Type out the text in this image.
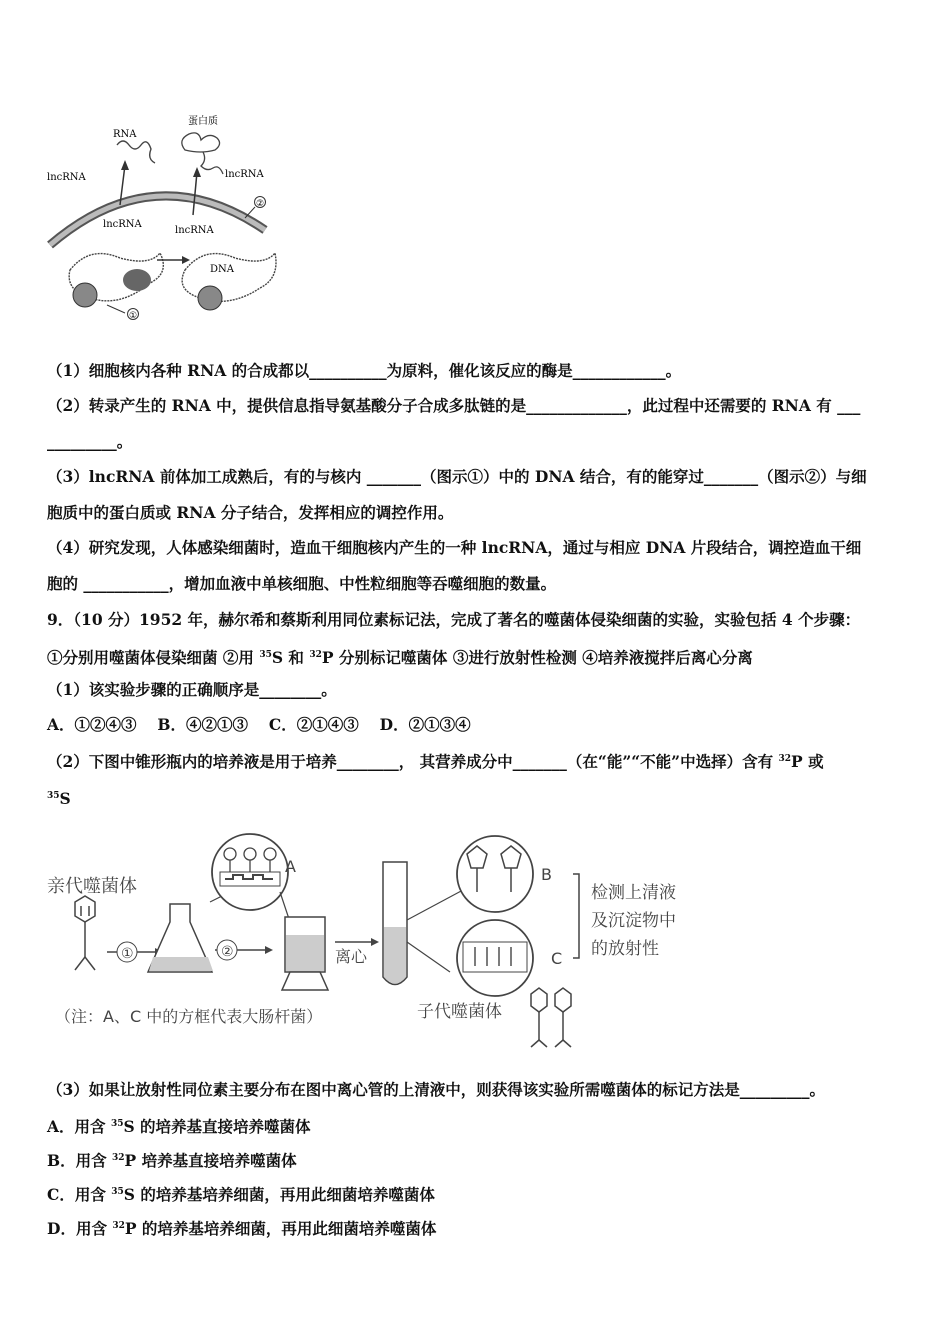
RNA
lncRNA
蛋白质
lncRNA
②
lncRNA
lncRNA
DNA
①
（1）细胞核内各种 RNA 的合成都以__________为原料，催化该反应的酶是____________。
（2）转录产生的 RNA 中，提供信息指导氨基酸分子合成多肽链的是_____________，此过程中还需要的 RNA 有 ___
_________。
（3）lncRNA 前体加工成熟后，有的与核内 _______（图示①）中的 DNA 结合，有的能穿过_______（图示②）与细
胞质中的蛋白质或 RNA 分子结合，发挥相应的调控作用。
（4）研究发现，人体感染细菌时，造血干细胞核内产生的一种 lncRNA，通过与相应 DNA 片段结合，调控造血干细
胞的 ___________，增加血液中单核细胞、中性粒细胞等吞噬细胞的数量。
9．（10 分）1952 年，赫尔希和蔡斯利用同位素标记法，完成了著名的噬菌体侵染细菌的实验，实验包括 4 个步骤：
①分别用噬菌体侵染细菌 ②用 $^{35}$S 和 $^{32}$P 分别标记噬菌体 ③进行放射性检测 ④培养液搅拌后离心分离
（1）该实验步骤的正确顺序是________。
A．①②④③　 B．④②①③　 C．②①④③　 D．②①③④
（2）下图中锥形瓶内的培养液是用于培养________， 其营养成分中_______（在“能”“不能”中选择）含有 $^{32}$P 或
$^{35}$S
亲代噬菌体
①	②
A
离心
B
C
检测上清液
及沉淀物中
的放射性
（注：A、C 中的方框代表大肠杆菌）	子代噬菌体
（3）如果让放射性同位素主要分布在图中离心管的上清液中，则获得该实验所需噬菌体的标记方法是_________。
A．用含 $^{35}$S 的培养基直接培养噬菌体
B．用含 $^{32}$P 培养基直接培养噬菌体
C．用含 $^{35}$S 的培养基培养细菌，再用此细菌培养噬菌体
D．用含 $^{32}$P 的培养基培养细菌，再用此细菌培养噬菌体
